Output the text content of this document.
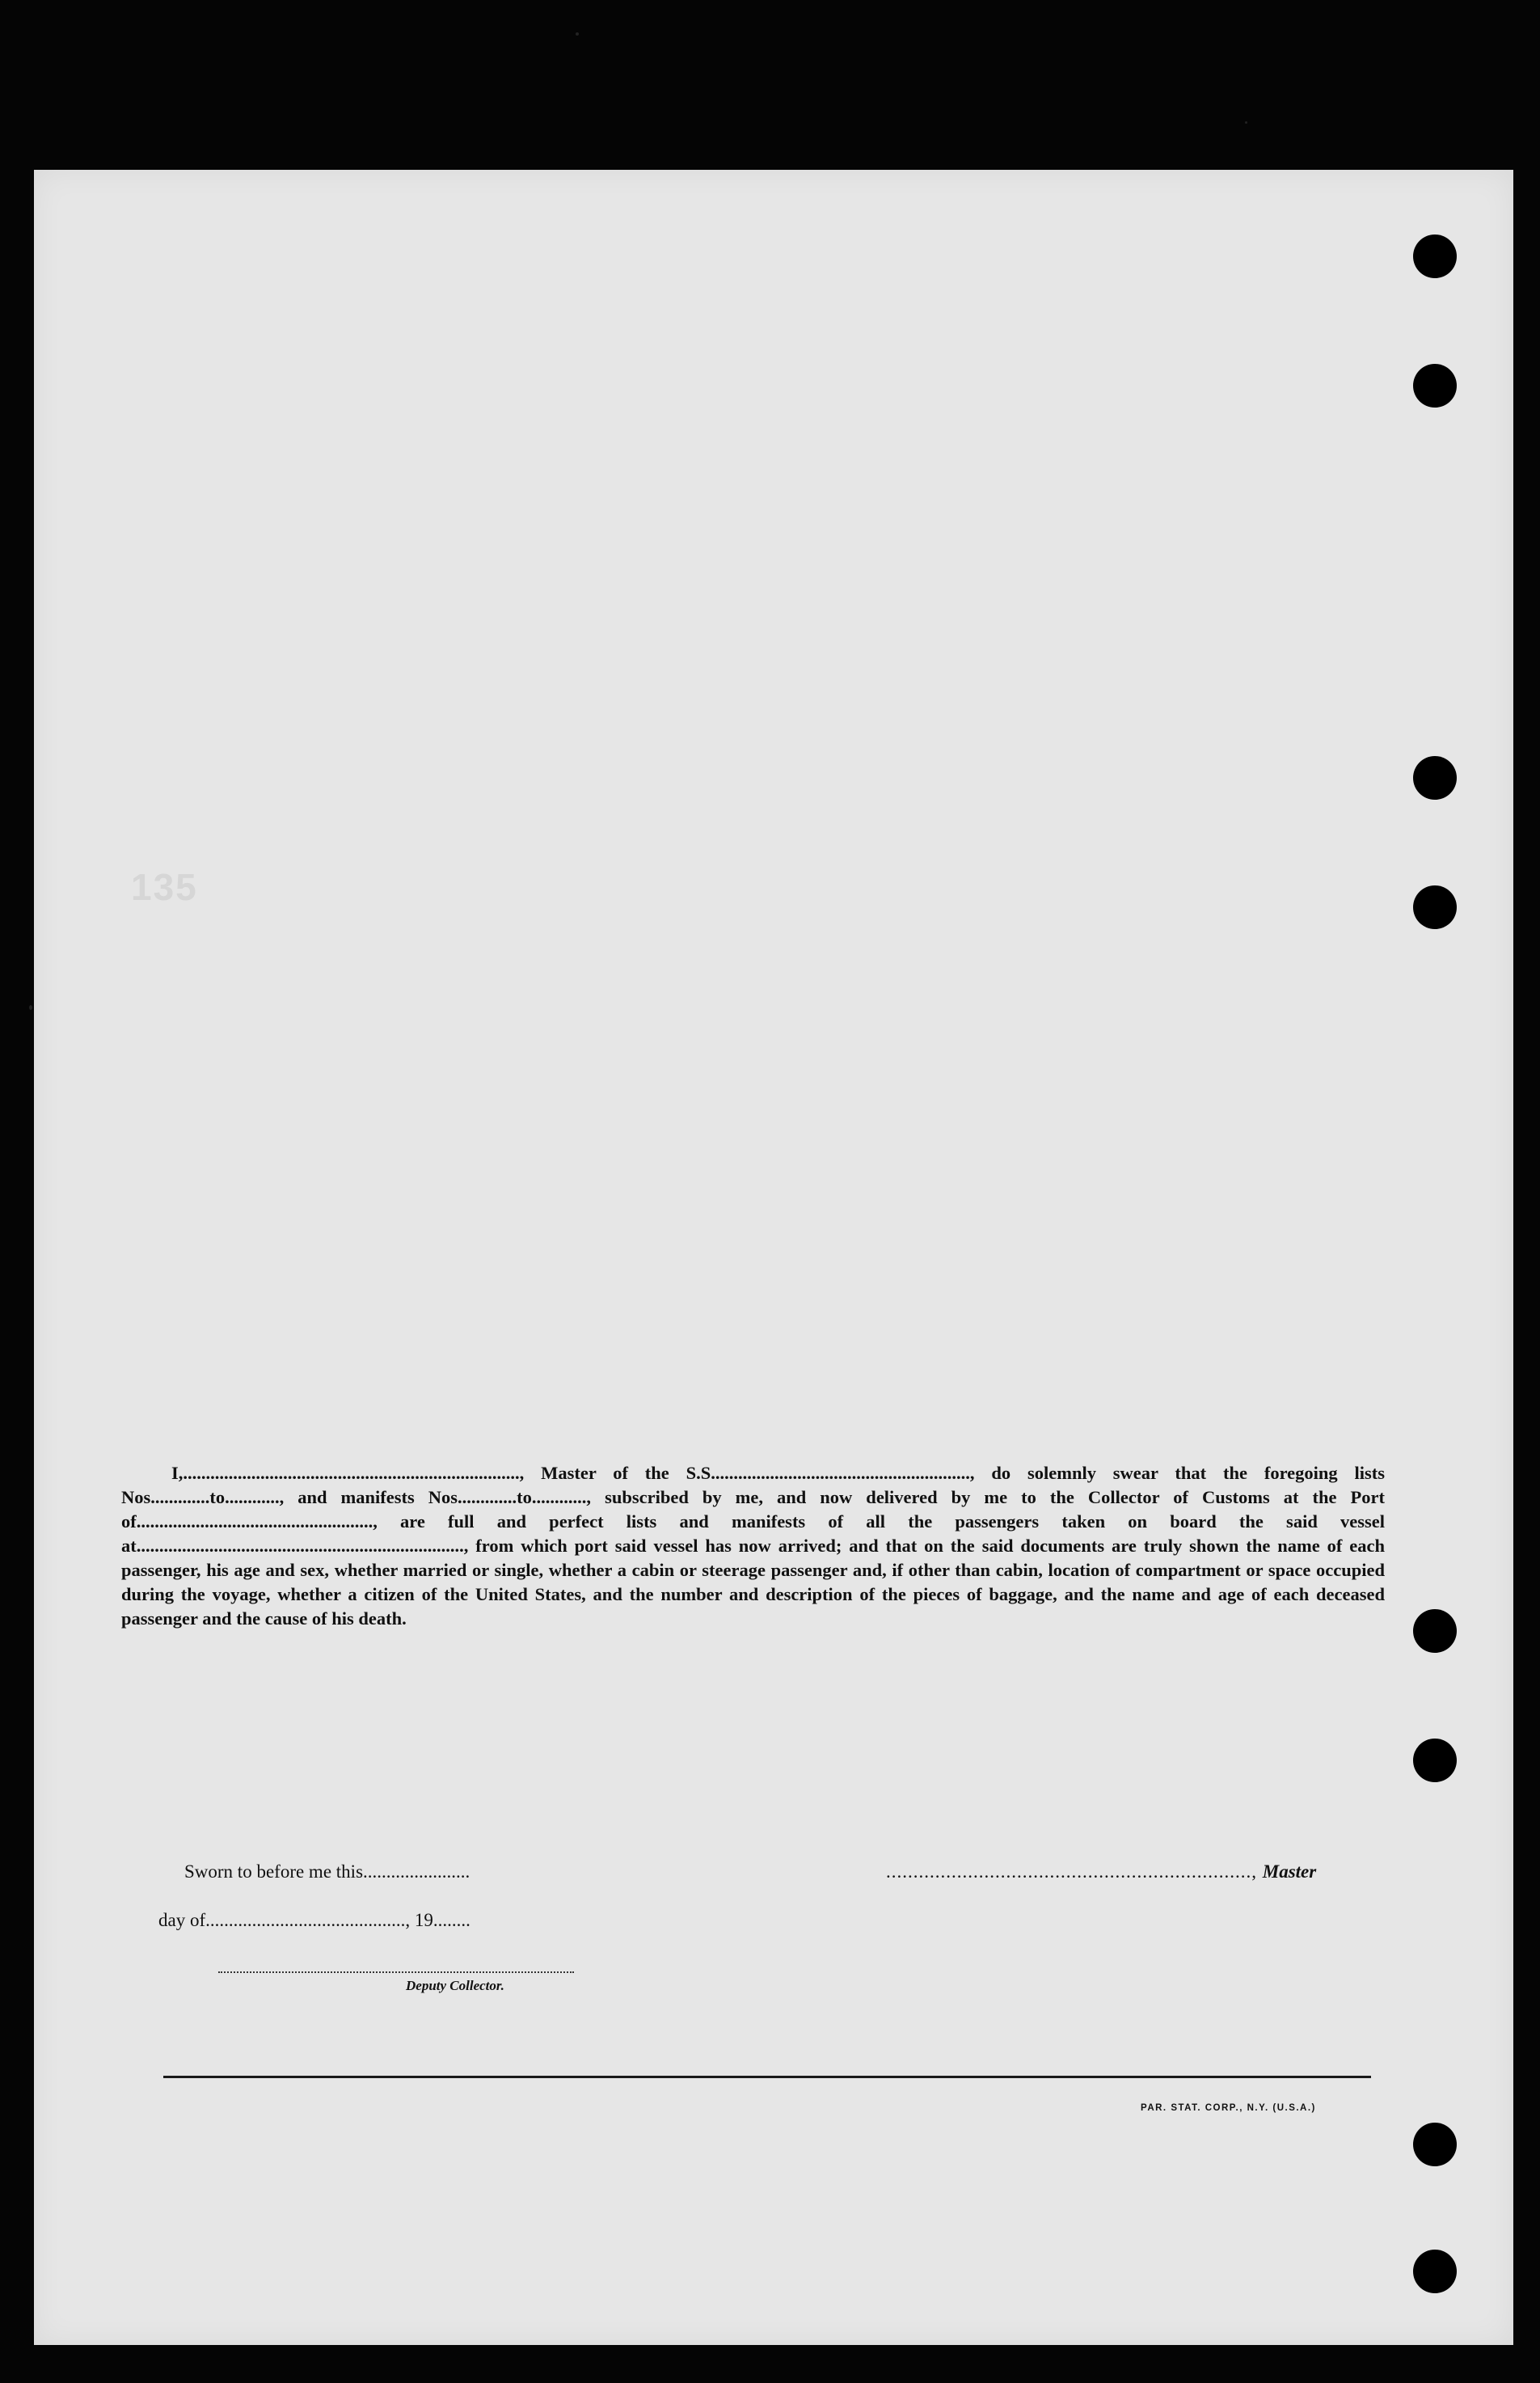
135

I,.........................................................................., Master of the S.S........................................................., do solemnly swear that the foregoing lists Nos.............to............, and manifests Nos.............to............, subscribed by me, and now delivered by me to the Collector of Customs at the Port of...................................................., are full and perfect lists and manifests of all the passengers taken on board the said vessel at........................................................................, from which port said vessel has now arrived; and that on the said documents are truly shown the name of each passenger, his age and sex, whether married or single, whether a cabin or steerage passenger and, if other than cabin, location of compartment or space occupied during the voyage, whether a citizen of the United States, and the number and description of the pieces of baggage, and the name and age of each deceased passenger and the cause of his death.

Sworn to before me this.......................	..................................................................., Master
day of..........................................., 19........
Deputy Collector.
PAR. STAT. CORP., N.Y. (U.S.A.)
